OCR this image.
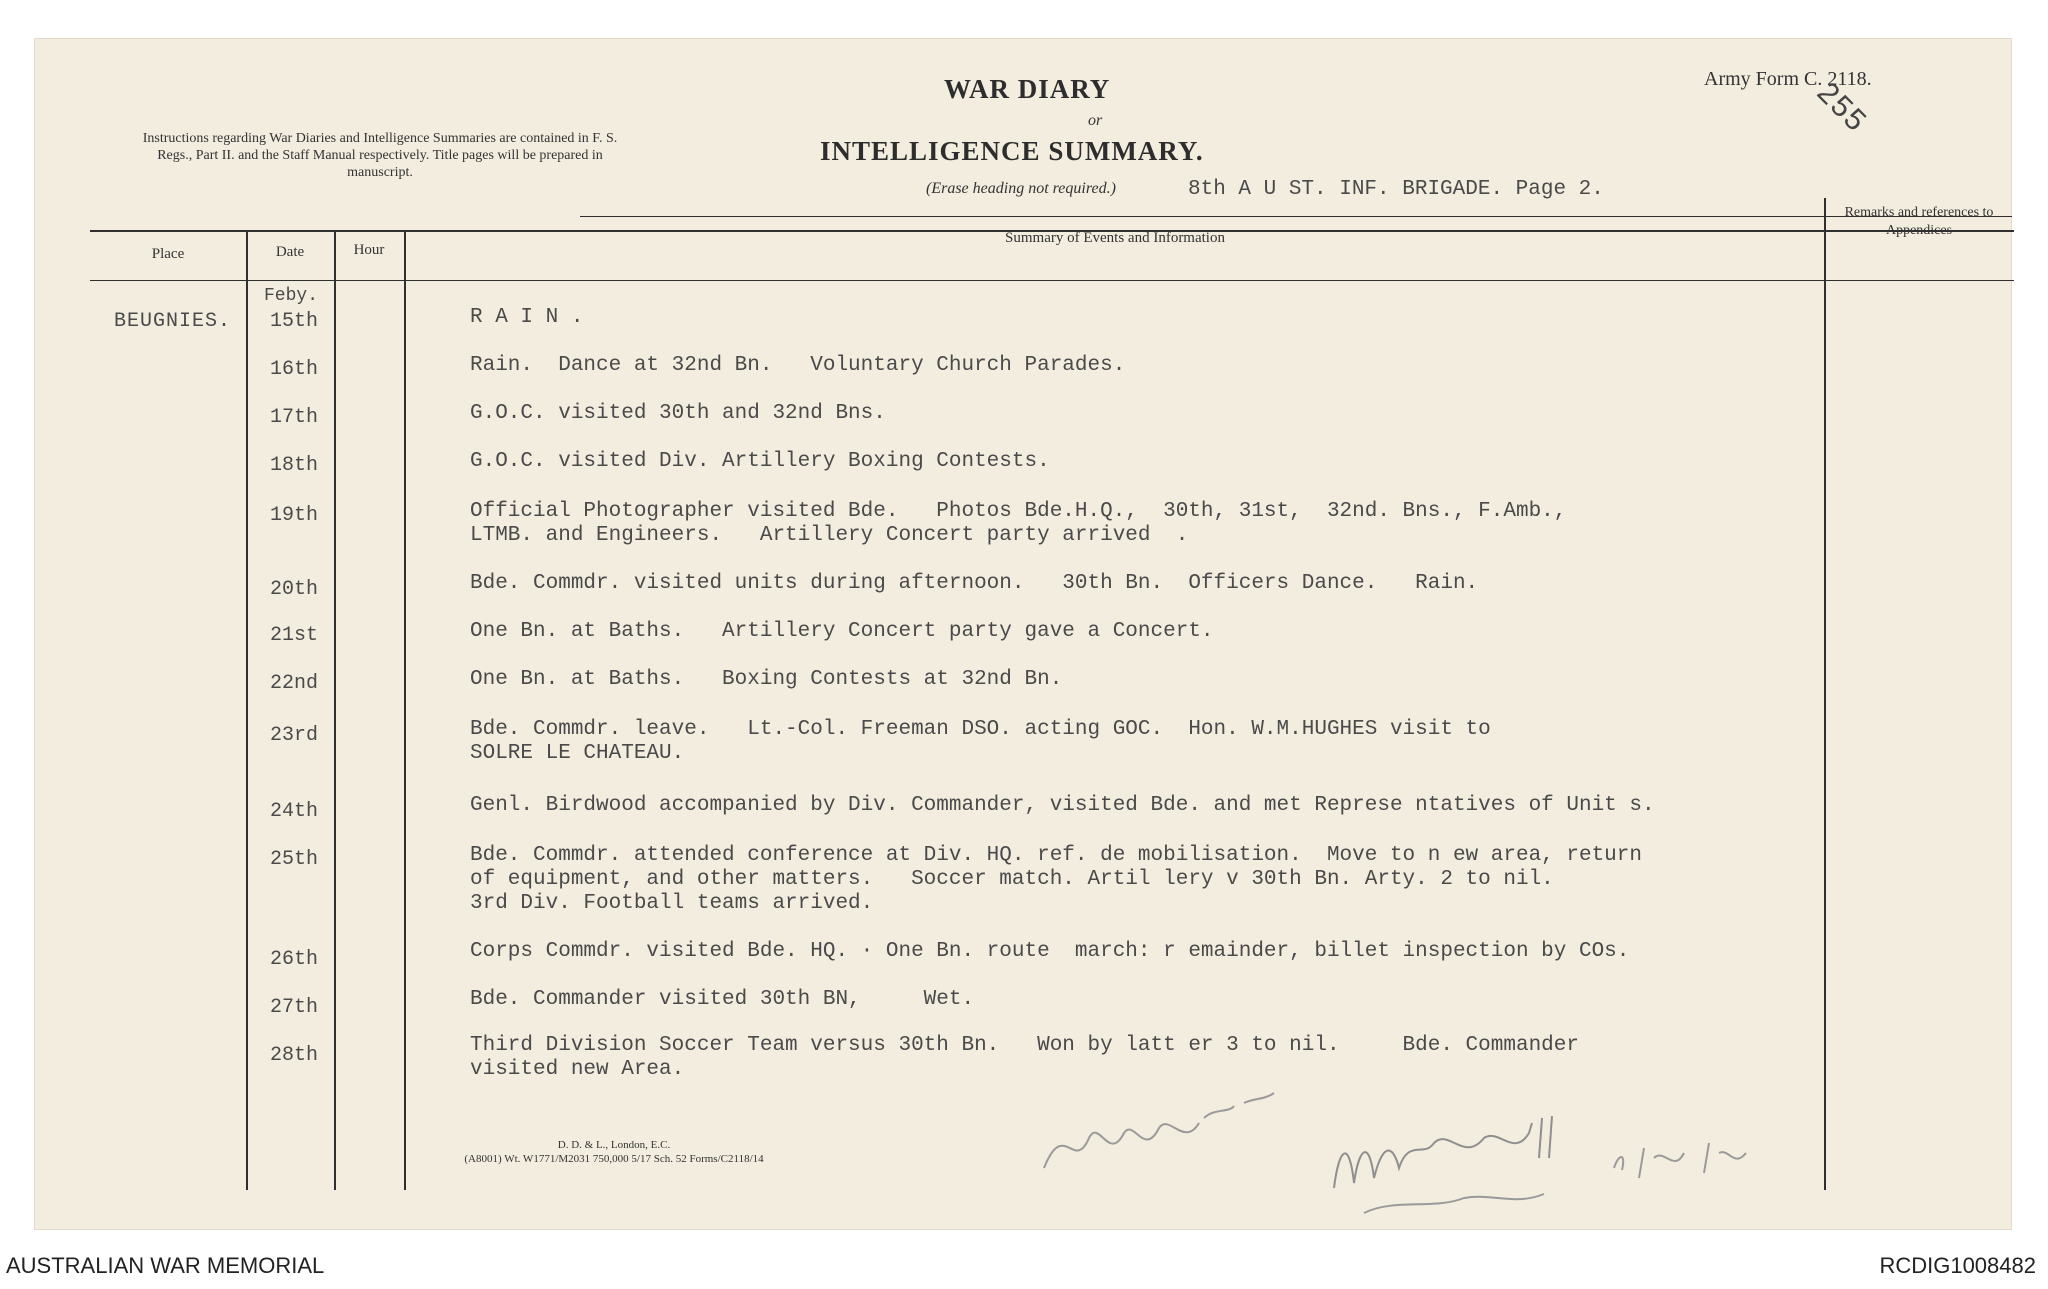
Instructions regarding War Diaries and Intelligence Summaries are contained in F. S. Regs., Part II. and the Staff Manual respectively. Title pages will be prepared in manuscript.
WAR DIARY
or
INTELLIGENCE SUMMARY.
(Erase heading not required.)	8th A U ST. INF. BRIGADE. Page 2.
Army Form C. 2118.
255
Place	Date	Hour
Summary of Events and Information
Remarks and references to Appendices
BEUGNIES.
Feby.
15th	R A I N .
16th	Rain.  Dance at 32nd Bn.   Voluntary Church Parades.
17th	G.O.C. visited 30th and 32nd Bns.
18th	G.O.C. visited Div. Artillery Boxing Contests.
19th	Official Photographer visited Bde.   Photos Bde.H.Q.,  30th, 31st,  32nd. Bns., F.Amb.,
LTMB. and Engineers.   Artillery Concert party arrived  .
20th	Bde. Commdr. visited units during afternoon.   30th Bn.  Officers Dance.   Rain.
21st	One Bn. at Baths.   Artillery Concert party gave a Concert.
22nd	One Bn. at Baths.   Boxing Contests at 32nd Bn.
23rd	Bde. Commdr. leave.   Lt.-Col. Freeman DSO. acting GOC.  Hon. W.M.HUGHES visit to
SOLRE LE CHATEAU.
24th	Genl. Birdwood accompanied by Div. Commander, visited Bde. and met Represe ntatives of Unit s.
25th	Bde. Commdr. attended conference at Div. HQ. ref. de mobilisation.  Move to n ew area, return
of equipment, and other matters.   Soccer match. Artil lery v 30th Bn. Arty. 2 to nil.
3rd Div. Football teams arrived.
26th	Corps Commdr. visited Bde. HQ. · One Bn. route  march: r emainder, billet inspection by COs.
27th	Bde. Commander visited 30th BN,     Wet.
28th	Third Division Soccer Team versus 30th Bn.   Won by latt er 3 to nil.     Bde. Commander
visited new Area.
D. D. & L., London, E.C.
(A8001) Wt. W1771/M2031 750,000 5/17 Sch. 52 Forms/C2118/14
AUSTRALIAN WAR MEMORIAL	RCDIG1008482
